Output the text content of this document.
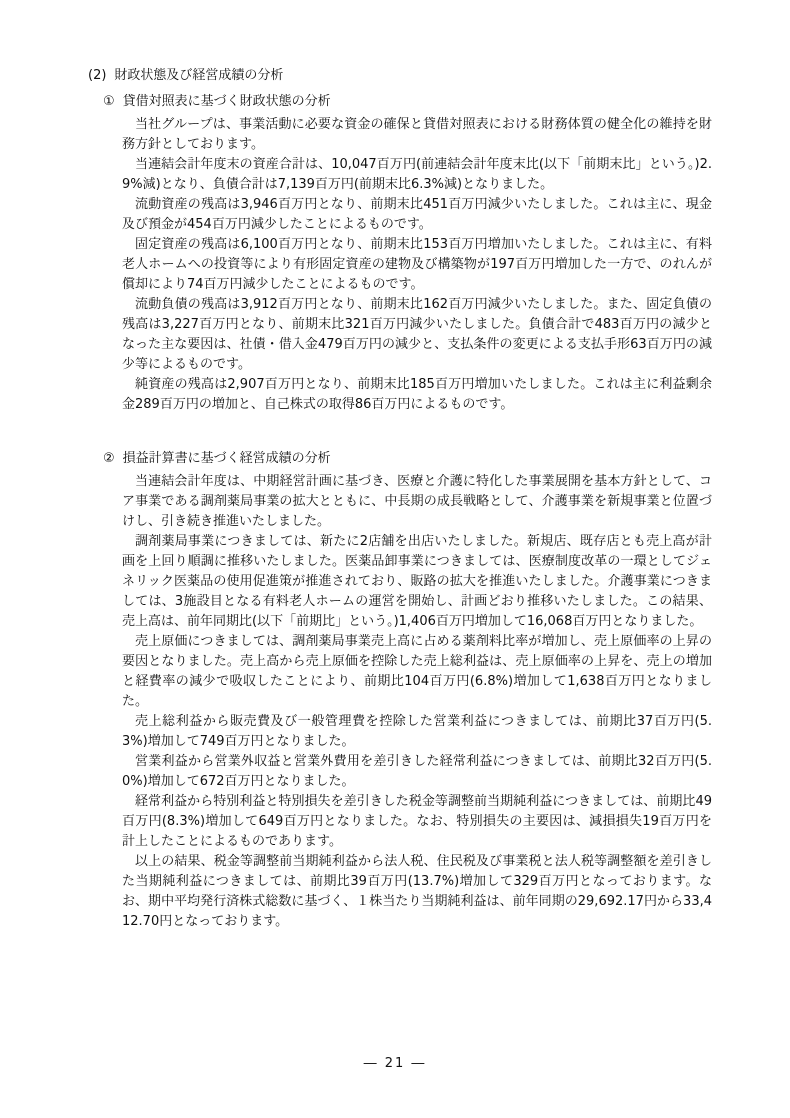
(2) 財政状態及び経営成績の分析
① 貸借対照表に基づく財政状態の分析

当社グループは、事業活動に必要な資金の確保と貸借対照表における財務体質の健全化の維持を財務方針としております。

当連結会計年度末の資産合計は、10,047百万円(前連結会計年度末比(以下「前期末比」という。)2.9%減)となり、負債合計は7,139百万円(前期末比6.3%減)となりました。

流動資産の残高は3,946百万円となり、前期末比451百万円減少いたしました。これは主に、現金及び預金が454百万円減少したことによるものです。

固定資産の残高は6,100百万円となり、前期末比153百万円増加いたしました。これは主に、有料老人ホームへの投資等により有形固定資産の建物及び構築物が197百万円増加した一方で、のれんが償却により74百万円減少したことによるものです。

流動負債の残高は3,912百万円となり、前期末比162百万円減少いたしました。また、固定負債の残高は3,227百万円となり、前期末比321百万円減少いたしました。負債合計で483百万円の減少となった主な要因は、社債・借入金479百万円の減少と、支払条件の変更による支払手形63百万円の減少等によるものです。

純資産の残高は2,907百万円となり、前期末比185百万円増加いたしました。これは主に利益剰余金289百万円の増加と、自己株式の取得86百万円によるものです。

② 損益計算書に基づく経営成績の分析

当連結会計年度は、中期経営計画に基づき、医療と介護に特化した事業展開を基本方針として、コア事業である調剤薬局事業の拡大とともに、中長期の成長戦略として、介護事業を新規事業と位置づけし、引き続き推進いたしました。

調剤薬局事業につきましては、新たに2店舗を出店いたしました。新規店、既存店とも売上高が計画を上回り順調に推移いたしました。医薬品卸事業につきましては、医療制度改革の一環としてジェネリック医薬品の使用促進策が推進されており、販路の拡大を推進いたしました。介護事業につきましては、3施設目となる有料老人ホームの運営を開始し、計画どおり推移いたしました。この結果、売上高は、前年同期比(以下「前期比」という。)1,406百万円増加して16,068百万円となりました。

売上原価につきましては、調剤薬局事業売上高に占める薬剤料比率が増加し、売上原価率の上昇の要因となりました。売上高から売上原価を控除した売上総利益は、売上原価率の上昇を、売上の増加と経費率の減少で吸収したことにより、前期比104百万円(6.8%)増加して1,638百万円となりました。

売上総利益から販売費及び一般管理費を控除した営業利益につきましては、前期比37百万円(5.3%)増加して749百万円となりました。

営業利益から営業外収益と営業外費用を差引きした経常利益につきましては、前期比32百万円(5.0%)増加して672百万円となりました。

経常利益から特別利益と特別損失を差引きした税金等調整前当期純利益につきましては、前期比49百万円(8.3%)増加して649百万円となりました。なお、特別損失の主要因は、減損損失19百万円を計上したことによるものであります。

以上の結果、税金等調整前当期純利益から法人税、住民税及び事業税と法人税等調整額を差引きした当期純利益につきましては、前期比39百万円(13.7%)増加して329百万円となっております。なお、期中平均発行済株式総数に基づく、１株当たり当期純利益は、前年同期の29,692.17円から33,412.70円となっております。

― 21 ―
